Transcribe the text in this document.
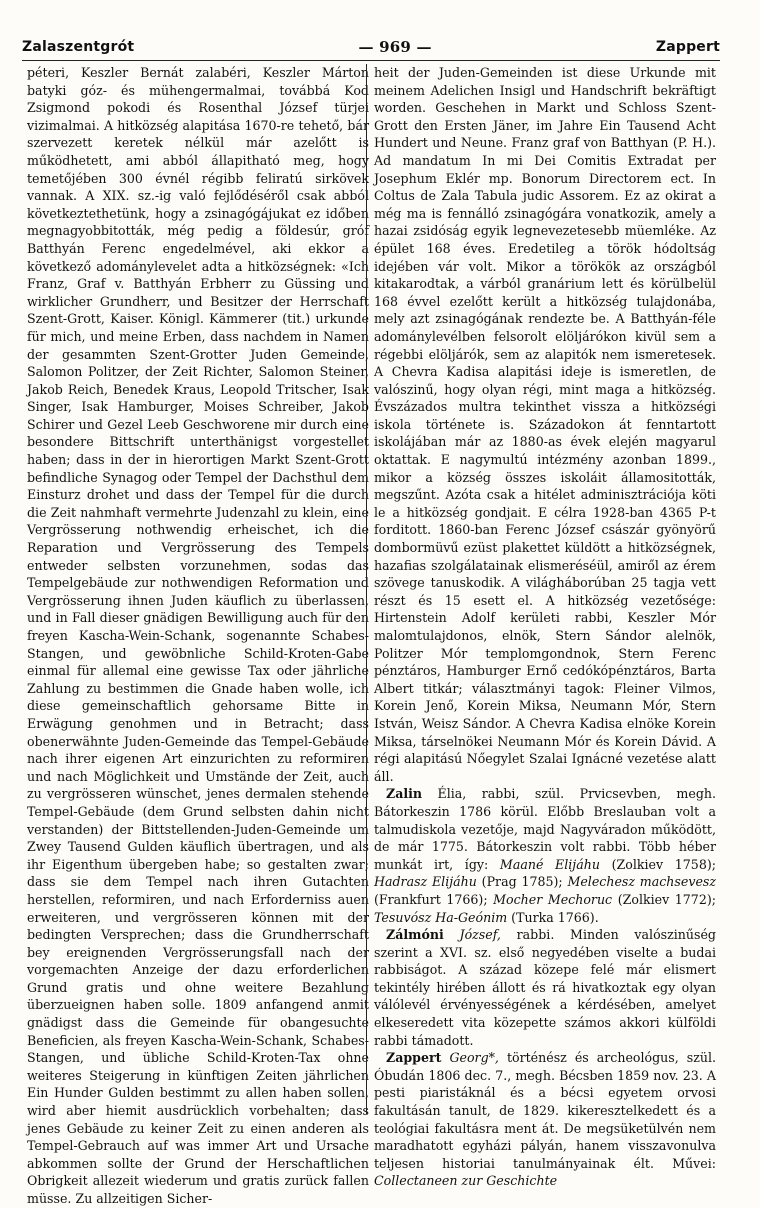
Zalaszentgrót	— 969 —	Zappert

péteri, Keszler Bernát zalabéri, Keszler Márton batyki góz- és mühengermalmai, továbbá Kod Zsigmond pokodi és Rosenthal József türjei vizimalmai. A hitközség alapitása 1670-re tehető, bár szervezett keretek nélkül már azelőtt is működhetett, ami abból állapitható meg, hogy temetőjében 300 évnél régibb feliratú sirkövek vannak. A XIX. sz.-ig való fejlődéséről csak abból következtethetünk, hogy a zsinagógájukat ez időben megnagyobbitották, még pedig a földesúr, gróf Batthyán Ferenc engedelmével, aki ekkor a következő adománylevelet adta a hitközségnek: «Ich Franz, Graf v. Batthyán Erbherr zu Güssing und wirklicher Grundherr, und Besitzer der Herrschaft Szent-Grott, Kaiser. Königl. Kämmerer (tit.) urkunde für mich, und meine Erben, dass nachdem in Namen der gesammten Szent-Grotter Juden Gemeinde, Salomon Politzer, der Zeit Richter, Salomon Steiner, Jakob Reich, Benedek Kraus, Leopold Tritscher, Isak Singer, Isak Hamburger, Moises Schreiber, Jakob Schirer und Gezel Leeb Geschworene mir durch eine besondere Bittschrift unterthänigst vorgestellet haben; dass in der in hierortigen Markt Szent-Grott befindliche Synagog oder Tempel der Dachsthul dem Einsturz drohet und dass der Tempel für die durch die Zeit nahmhaft vermehrte Judenzahl zu klein, eine Vergrösserung nothwendig erheischet, ich die Reparation und Vergrösserung des Tempels entweder selbsten vorzunehmen, sodas das Tempelgebäude zur nothwendigen Reformation und Vergrösserung ihnen Juden käuflich zu überlassen, und in Fall dieser gnädigen Bewilligung auch für den freyen Kascha-Wein-Schank, sogenannte Schabes-Stangen, und gewöbnliche Schild-Kroten-Gabe einmal für allemal eine gewisse Tax oder jährliche Zahlung zu bestimmen die Gnade haben wolle, ich diese gemeinschaftlich gehorsame Bitte in Erwägung genohmen und in Betracht; dass obenerwähnte Juden-Gemeinde das Tempel-Gebäude nach ihrer eigenen Art einzurichten zu reformiren und nach Möglichkeit und Umstände der Zeit, auch zu vergrösseren wünschet, jenes dermalen stehende Tempel-Gebäude (dem Grund selbsten dahin nicht verstanden) der Bittstellenden-Juden-Gemeinde um Zwey Tausend Gulden käuflich übertragen, und als ihr Eigenthum übergeben habe; so gestalten zwar; dass sie dem Tempel nach ihren Gutachten herstellen, reformiren, und nach Erforderniss auen erweiteren, und vergrösseren können mit der bedingten Versprechen; dass die Grundherrschaft bey ereignenden Vergrösserungsfall nach der vorgemachten Anzeige der dazu erforderlichen Grund gratis und ohne weitere Bezahlung überzueignen haben solle. 1809 anfangend anmit gnädigst dass die Gemeinde für obangesuchte Beneficien, als freyen Kascha-Wein-Schank, Schabes-Stangen, und übliche Schild-Kroten-Tax ohne weiteres Steigerung in künftigen Zeiten jährlichen Ein Hunder Gulden bestimmt zu allen haben sollen, wird aber hiemit ausdrücklich vorbehalten; dass jenes Gebäude zu keiner Zeit zu einen anderen als Tempel-Gebrauch auf was immer Art und Ursache abkommen sollte der Grund der Herschaftlichen Obrigkeit allezeit wiederum und gratis zurück fallen müsse. Zu allzeitigen Sicher-

heit der Juden-Gemeinden ist diese Urkunde mit meinem Adelichen Insigl und Handschrift bekräftigt worden. Geschehen in Markt und Schloss Szent-Grott den Ersten Jäner, im Jahre Ein Tausend Acht Hundert und Neune. Franz graf von Batthyan (P. H.). Ad mandatum In mi Dei Comitis Extradat per Josephum Eklér mp. Bonorum Directorem ect. In Coltus de Zala Tabula judic Assorem. Ez az okirat a még ma is fennálló zsinagógára vonatkozik, amely a hazai zsidóság egyik legnevezetesebb müemléke. Az épület 168 éves. Eredetileg a török hódoltság idejében vár volt. Mikor a törökök az országból kitakarodtak, a várból granárium lett és körülbelül 168 évvel ezelőtt került a hitközség tulajdonába, mely azt zsinagógának rendezte be. A Batthyán-féle adománylevélben felsorolt elöljárókon kivül sem a régebbi elöljárók, sem az alapitók nem ismeretesek. A Chevra Kadisa alapitási ideje is ismeretlen, de valószinű, hogy olyan régi, mint maga a hitközség. Évszázados multra tekinthet vissza a hitközségi iskola története is. Századokon át fenntartott iskolájában már az 1880-as évek elején magyarul oktattak. E nagymultú intézmény azonban 1899., mikor a község összes iskoláit államositották, megszűnt. Azóta csak a hitélet adminisztrációja köti le a hitközség gondjait. E célra 1928-ban 4365 P-t forditott. 1860-ban Ferenc József császár gyönyörű dombormüvű ezüst plakettet küldött a hitközségnek, hazafias szolgálatainak elismeréséül, amiről az érem szövege tanuskodik. A világháborúban 25 tagja vett részt és 15 esett el. A hitközség vezetősége: Hirtenstein Adolf kerületi rabbi, Keszler Mór malomtulajdonos, elnök, Stern Sándor alelnök, Politzer Mór templomgondnok, Stern Ferenc pénztáros, Hamburger Ernő cedókópénztáros, Barta Albert titkár; választmányi tagok: Fleiner Vilmos, Korein Jenő, Korein Miksa, Neumann Mór, Stern István, Weisz Sándor. A Chevra Kadisa elnöke Korein Miksa, társelnökei Neumann Mór és Korein Dávid. A régi alapitású Nőegylet Szalai Ignácné vezetése alatt áll.

Zalin Élia, rabbi, szül. Prvicsevben, megh. Bátorkeszin 1786 körül. Előbb Breslauban volt a talmudiskola vezetője, majd Nagyváradon működött, de már 1775. Bátorkeszin volt rabbi. Több héber munkát irt, így: Maané Elijáhu (Zolkiev 1758); Hadrasz Elijáhu (Prag 1785); Melechesz machsevesz (Frankfurt 1766); Mocher Mechoruc (Zolkiev 1772); Tesuvósz Ha-Geónim (Turka 1766).

Zálmóni József, rabbi. Minden valószinűség szerint a XVI. sz. első negyedében viselte a budai rabbiságot. A század közepe felé már elismert tekintély hirében állott és rá hivatkoztak egy olyan válólevél érvényességének a kérdésében, amelyet elkeseredett vita közepette számos akkori külföldi rabbi támadott.

Zappert Georg*, történész és archeológus, szül. Óbudán 1806 dec. 7., megh. Bécsben 1859 nov. 23. A pesti piaristáknál és a bécsi egyetem orvosi fakultásán tanult, de 1829. kikeresztelkedett és a teológiai fakultásra ment át. De megsüketülvén nem maradhatott egyházi pályán, hanem visszavonulva teljesen historiai tanulmányainak élt. Művei: Collectaneen zur Geschichte
